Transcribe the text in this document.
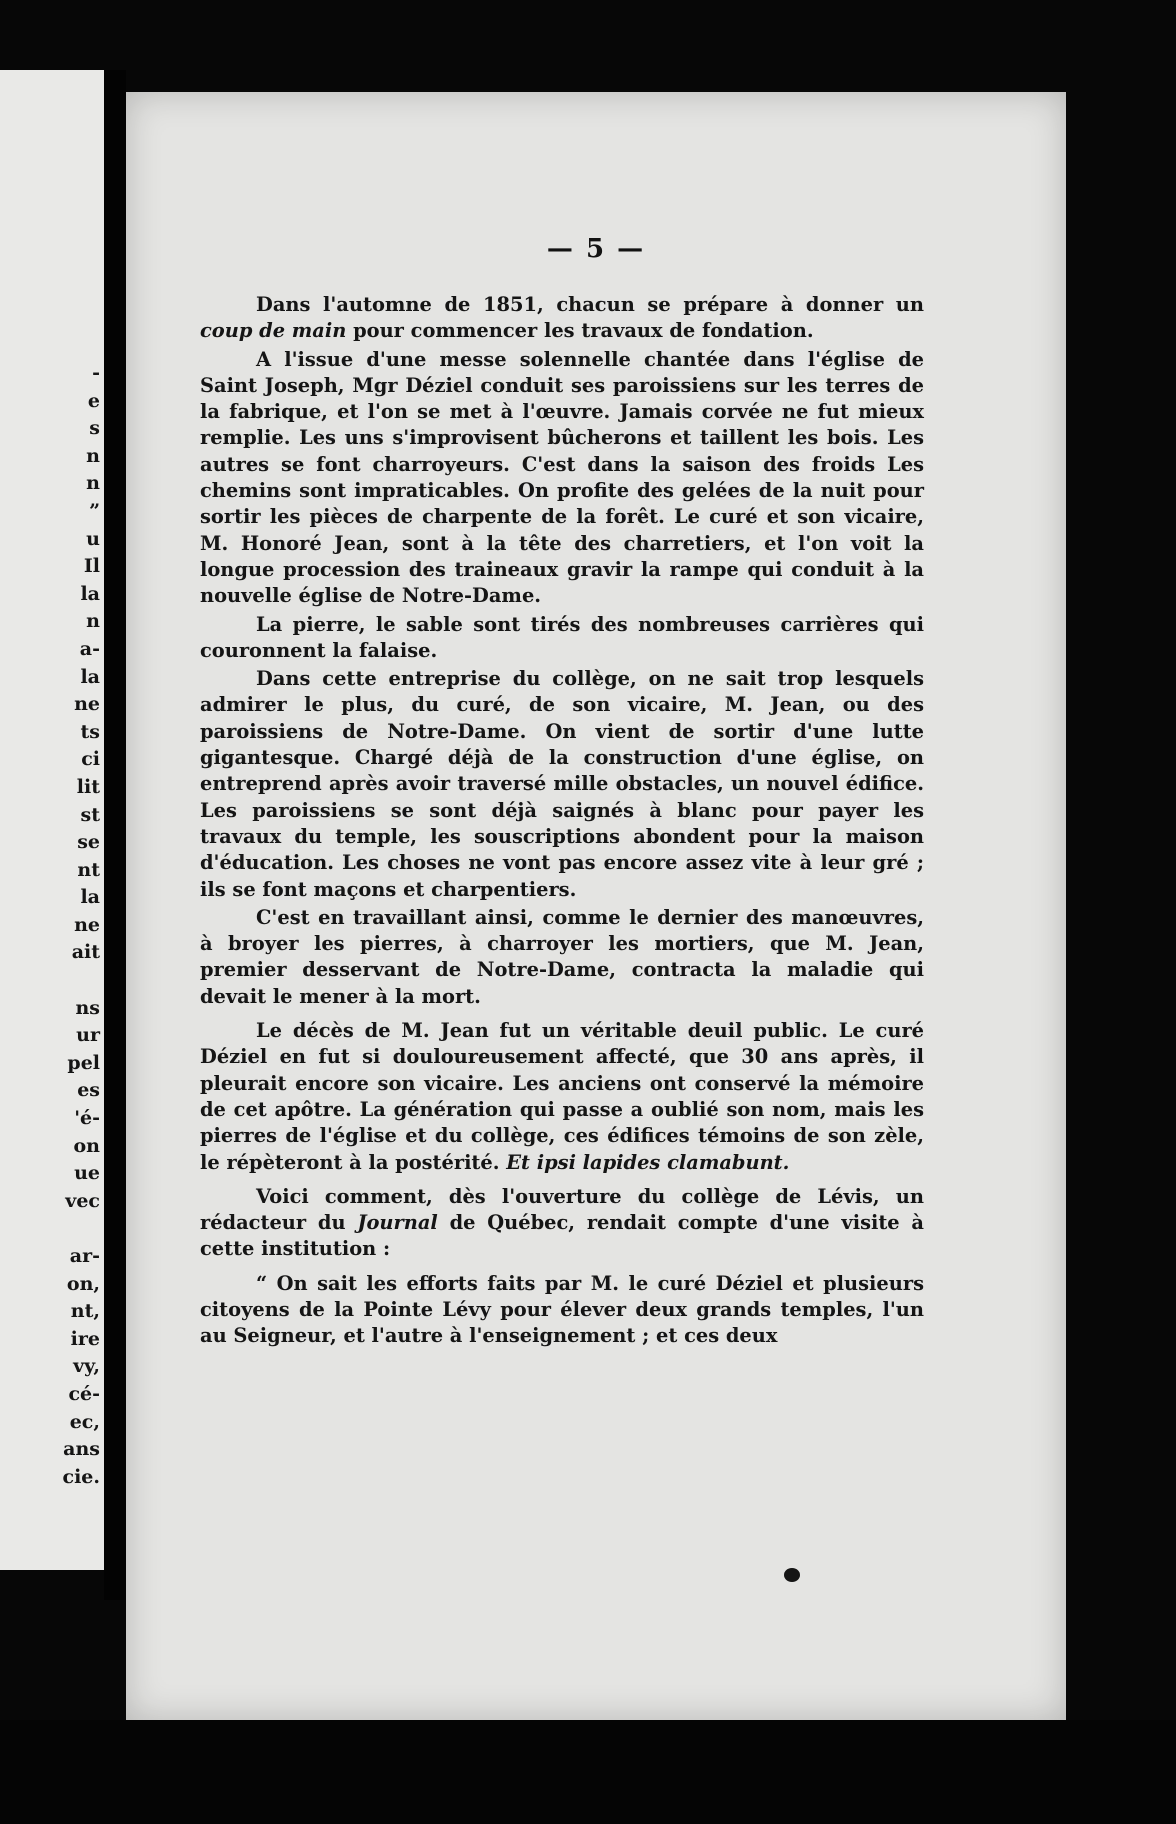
-
e
s
n
n
”
u
Il
la
n
a-
la
ne
ts
ci
lit
st
se
nt
la
ne
ait

ns
ur
pel
es
'é-
on
ue
vec

ar-
on,
nt,
ire
vy,
cé-
ec,
ans
cie.

— 5 —

Dans l'automne de 1851, chacun se prépare à donner un coup de main pour commencer les travaux de fondation.

A l'issue d'une messe solennelle chantée dans l'église de Saint Joseph, Mgr Déziel conduit ses paroissiens sur les terres de la fabrique, et l'on se met à l'œuvre. Jamais corvée ne fut mieux remplie. Les uns s'improvisent bûcherons et taillent les bois. Les autres se font charroyeurs. C'est dans la saison des froids Les chemins sont impraticables. On profite des gelées de la nuit pour sortir les pièces de charpente de la forêt. Le curé et son vicaire, M. Honoré Jean, sont à la tête des charretiers, et l'on voit la longue procession des traineaux gravir la rampe qui conduit à la nouvelle église de Notre-Dame.

La pierre, le sable sont tirés des nombreuses carrières qui couronnent la falaise.

Dans cette entreprise du collège, on ne sait trop lesquels admirer le plus, du curé, de son vicaire, M. Jean, ou des paroissiens de Notre-Dame. On vient de sortir d'une lutte gigantesque. Chargé déjà de la construction d'une église, on entreprend après avoir traversé mille obstacles, un nouvel édifice. Les paroissiens se sont déjà saignés à blanc pour payer les travaux du temple, les souscriptions abondent pour la maison d'éducation. Les choses ne vont pas encore assez vite à leur gré ; ils se font maçons et charpentiers.

C'est en travaillant ainsi, comme le dernier des manœuvres, à broyer les pierres, à charroyer les mortiers, que M. Jean, premier desservant de Notre-Dame, contracta la maladie qui devait le mener à la mort.

Le décès de M. Jean fut un véritable deuil public. Le curé Déziel en fut si douloureusement affecté, que 30 ans après, il pleurait encore son vicaire. Les anciens ont conservé la mémoire de cet apôtre. La génération qui passe a oublié son nom, mais les pierres de l'église et du collège, ces édifices témoins de son zèle, le répèteront à la postérité. Et ipsi lapides clamabunt.

Voici comment, dès l'ouverture du collège de Lévis, un rédacteur du Journal de Québec, rendait compte d'une visite à cette institution :

“ On sait les efforts faits par M. le curé Déziel et plusieurs citoyens de la Pointe Lévy pour élever deux grands temples, l'un au Seigneur, et l'autre à l'enseignement ; et ces deux
